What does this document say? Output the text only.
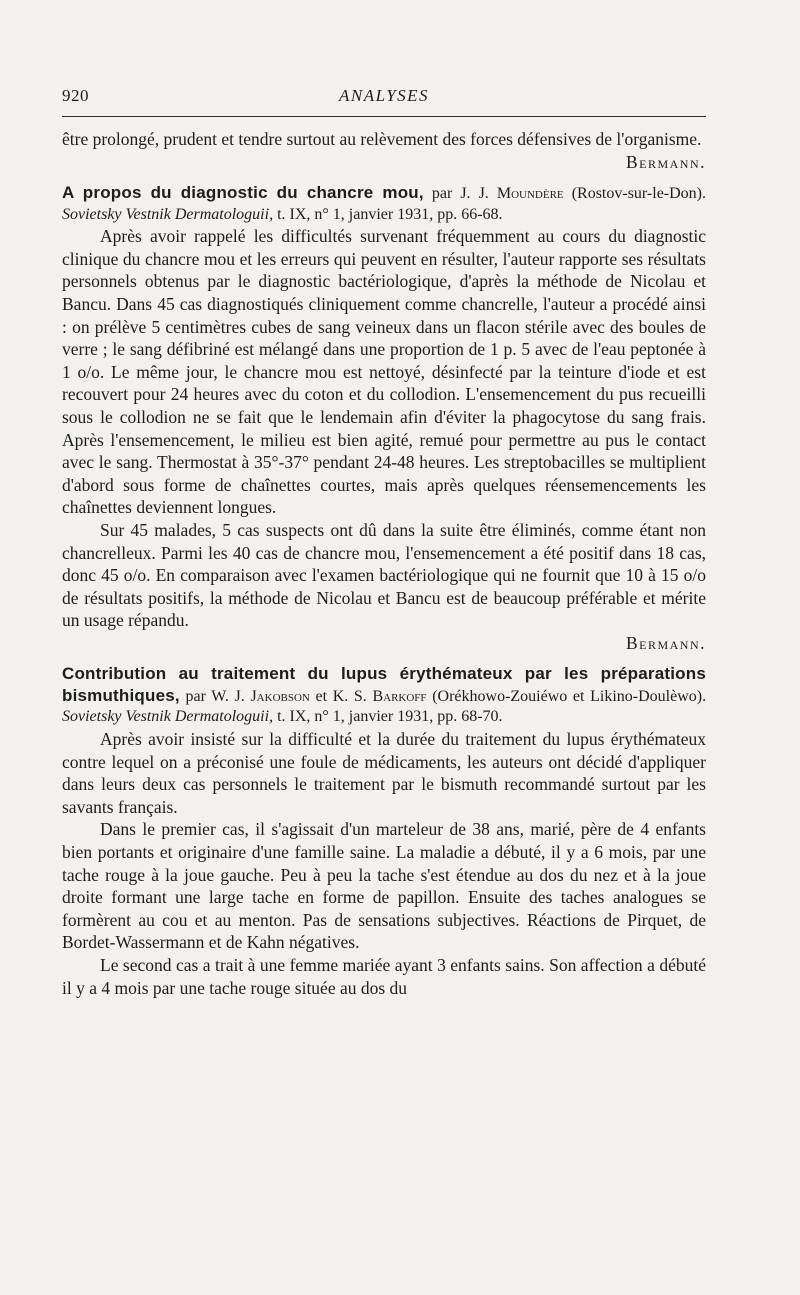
920	ANALYSES

être prolongé, prudent et tendre surtout au relèvement des forces défensives de l'organisme.
Bermann.

A propos du diagnostic du chancre mou, par J. J. Moundère (Rostov-sur-le-Don). Sovietsky Vestnik Dermatologuii, t. IX, n° 1, janvier 1931, pp. 66-68.

Après avoir rappelé les difficultés survenant fréquemment au cours du diagnostic clinique du chancre mou et les erreurs qui peuvent en résulter, l'auteur rapporte ses résultats personnels obtenus par le diagnostic bactériologique, d'après la méthode de Nicolau et Bancu. Dans 45 cas diagnostiqués cliniquement comme chancrelle, l'auteur a procédé ainsi : on prélève 5 centimètres cubes de sang veineux dans un flacon stérile avec des boules de verre ; le sang défibriné est mélangé dans une proportion de 1 p. 5 avec de l'eau peptonée à 1 o/o. Le même jour, le chancre mou est nettoyé, désinfecté par la teinture d'iode et est recouvert pour 24 heures avec du coton et du collodion. L'ensemencement du pus recueilli sous le collodion ne se fait que le lendemain afin d'éviter la phagocytose du sang frais. Après l'ensemencement, le milieu est bien agité, remué pour permettre au pus le contact avec le sang. Thermostat à 35°-37° pendant 24-48 heures. Les streptobacilles se multiplient d'abord sous forme de chaînettes courtes, mais après quelques réensemencements les chaînettes deviennent longues.

Sur 45 malades, 5 cas suspects ont dû dans la suite être éliminés, comme étant non chancrelleux. Parmi les 40 cas de chancre mou, l'ensemencement a été positif dans 18 cas, donc 45 o/o. En comparaison avec l'examen bactériologique qui ne fournit que 10 à 15 o/o de résultats positifs, la méthode de Nicolau et Bancu est de beaucoup préférable et mérite un usage répandu.

Bermann.

Contribution au traitement du lupus érythémateux par les préparations bismuthiques, par W. J. Jakobson et K. S. Barkoff (Orékhowo-Zouiéwo et Likino-Doulèwo). Sovietsky Vestnik Dermatologuii, t. IX, n° 1, janvier 1931, pp. 68-70.

Après avoir insisté sur la difficulté et la durée du traitement du lupus érythémateux contre lequel on a préconisé une foule de médicaments, les auteurs ont décidé d'appliquer dans leurs deux cas personnels le traitement par le bismuth recommandé surtout par les savants français.

Dans le premier cas, il s'agissait d'un marteleur de 38 ans, marié, père de 4 enfants bien portants et originaire d'une famille saine. La maladie a débuté, il y a 6 mois, par une tache rouge à la joue gauche. Peu à peu la tache s'est étendue au dos du nez et à la joue droite formant une large tache en forme de papillon. Ensuite des taches analogues se formèrent au cou et au menton. Pas de sensations subjectives. Réactions de Pirquet, de Bordet-Wassermann et de Kahn négatives.

Le second cas a trait à une femme mariée ayant 3 enfants sains. Son affection a débuté il y a 4 mois par une tache rouge située au dos du
